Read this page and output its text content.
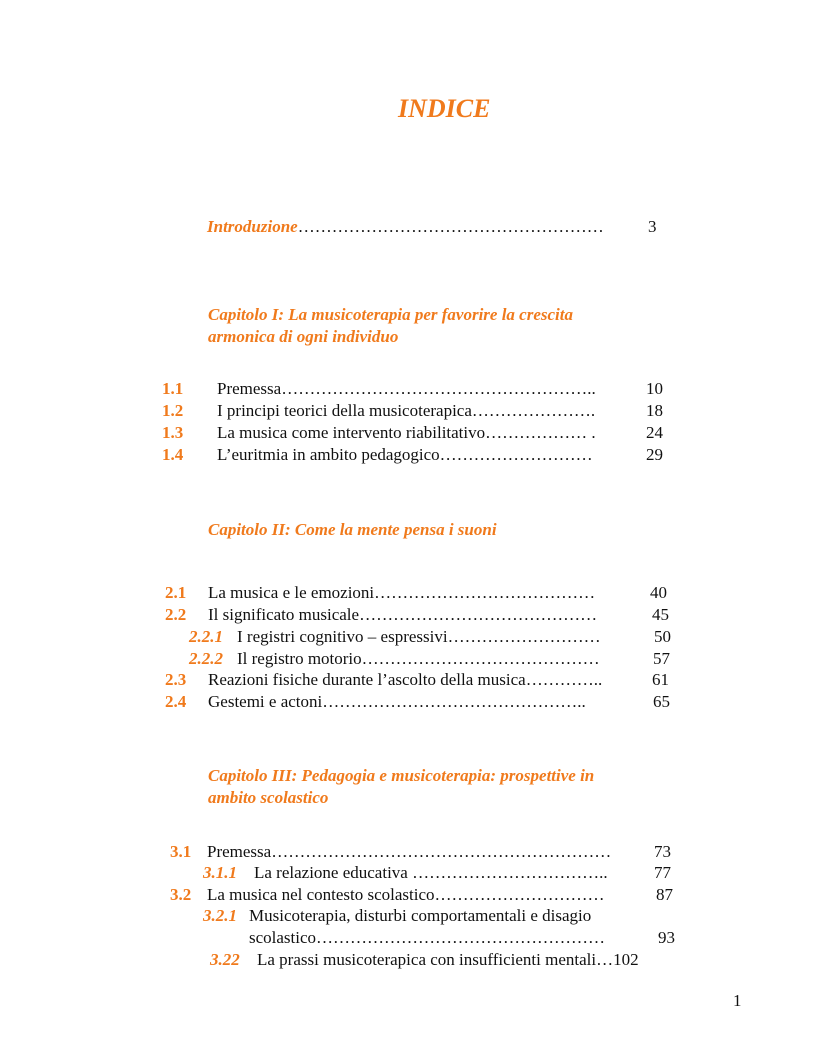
INDICE
Introduzione………………………………………………	3
Capitolo I: La musicoterapia per favorire la crescita
armonica di ogni individuo
1.1 Premessa………………………………………………..	10
1.2 I principi teorici della musicoterapica………………….	18
1.3 La musica come intervento riabilitativo……………… .	24
1.4 L’euritmia in ambito pedagogico………………………	29
Capitolo II: Come la mente pensa i suoni
2.1 La musica e le emozioni…………………………………	40
2.2 Il significato musicale……………………………………	45
2.2.1 I registri cognitivo – espressivi………………………	50
2.2.2 Il registro motorio……………………………………	57
2.3 Reazioni fisiche durante l’ascolto della musica…………..	61
2.4 Gestemi e actoni………………………………………..	65
Capitolo III: Pedagogia e musicoterapia: prospettive in
ambito scolastico
3.1 Premessa……………………………………………………	73
3.1.1 La relazione educativa ……………………………..	77
3.2 La musica nel contesto scolastico…………………………	87
3.2.1 Musicoterapia, disturbi comportamentali e disagio
scolastico……………………………………………	93
3.22 La prassi musicoterapica con insufficienti mentali…102
1
